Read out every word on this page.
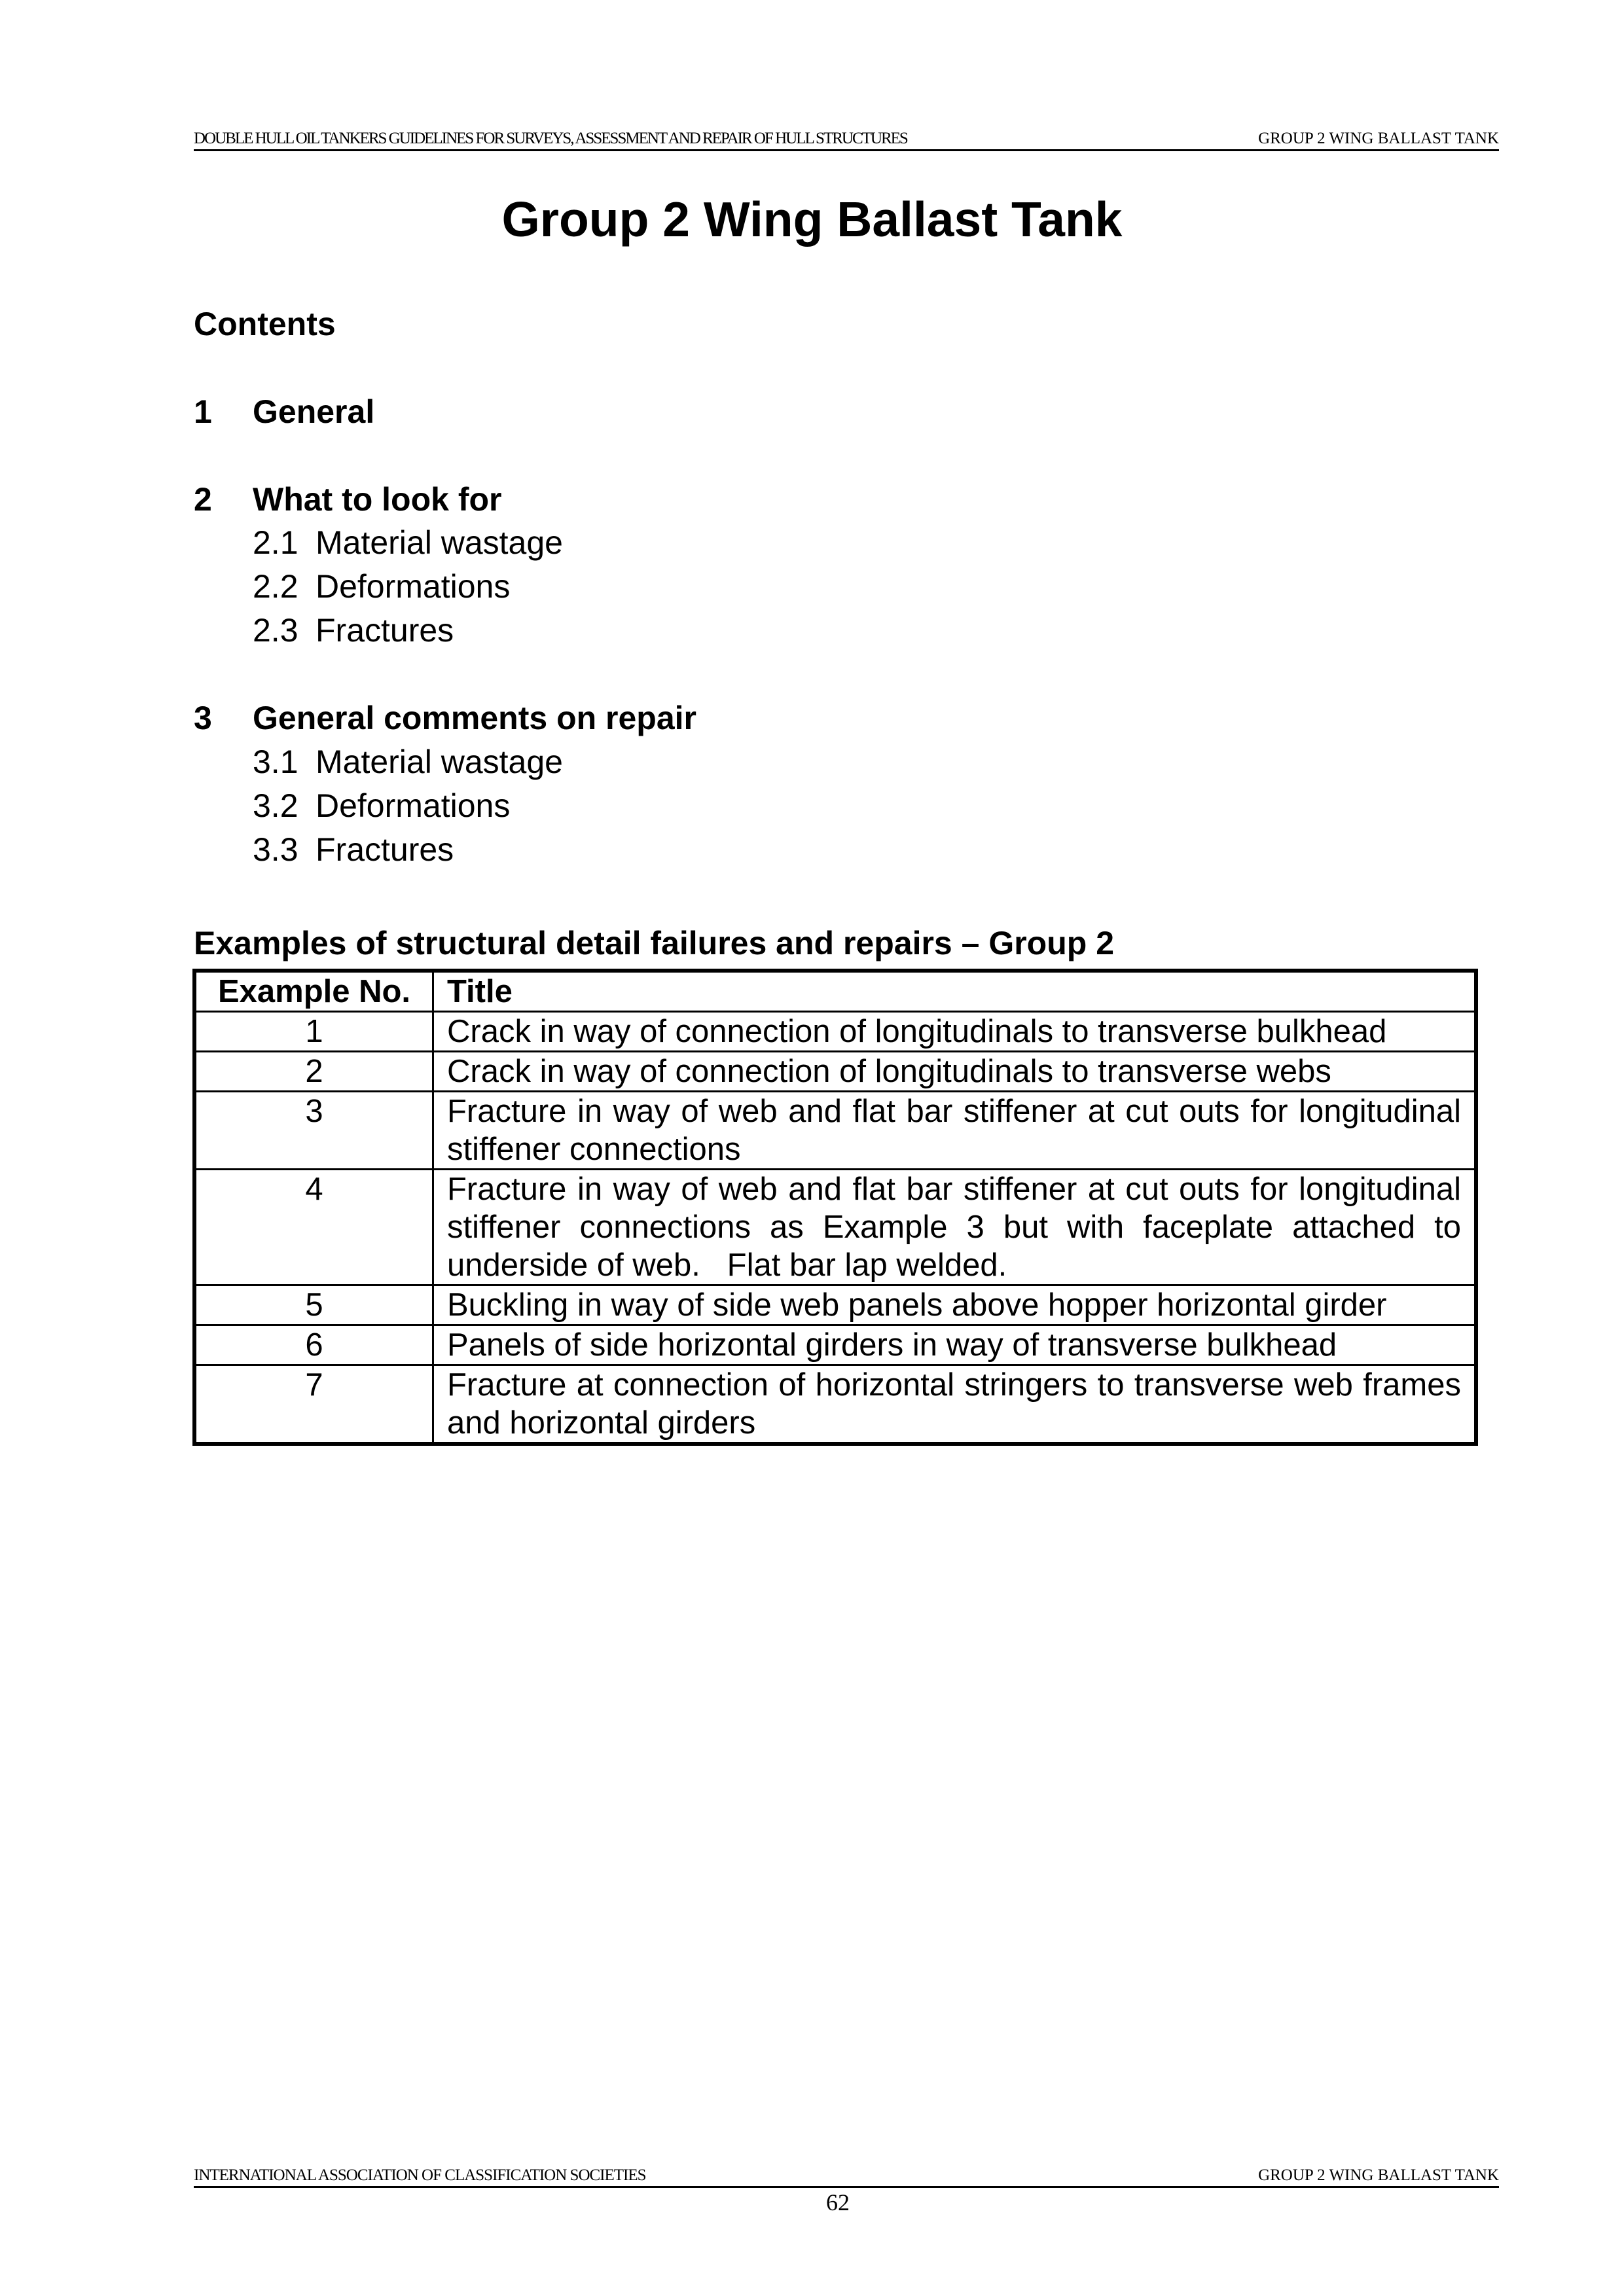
DOUBLE HULL OIL TANKERS GUIDELINES FOR SURVEYS, ASSESSMENT AND REPAIR OF HULL STRUCTURES	GROUP 2 WING BALLAST TANK
Group 2 Wing Ballast Tank
Contents
1 General
2 What to look for
2.1 Material wastage
2.2 Deformations
2.3 Fractures
3 General comments on repair
3.1 Material wastage
3.2 Deformations
3.3 Fractures
Examples of structural detail failures and repairs – Group 2
Example No.	Title
1	Crack in way of connection of longitudinals to transverse bulkhead
2	Crack in way of connection of longitudinals to transverse webs
3	Fracture in way of web and flat bar stiffener at cut outs for longitudinal stiffener connections
4	Fracture in way of web and flat bar stiffener at cut outs for longitudinal stiffener connections as Example 3 but with faceplate attached to underside of web.   Flat bar lap welded.
5	Buckling in way of side web panels above hopper horizontal girder
6	Panels of side horizontal girders in way of transverse bulkhead
7	Fracture at connection of horizontal stringers to transverse web frames and horizontal girders
INTERNATIONAL ASSOCIATION OF CLASSIFICATION SOCIETIES	GROUP 2 WING BALLAST TANK
62
